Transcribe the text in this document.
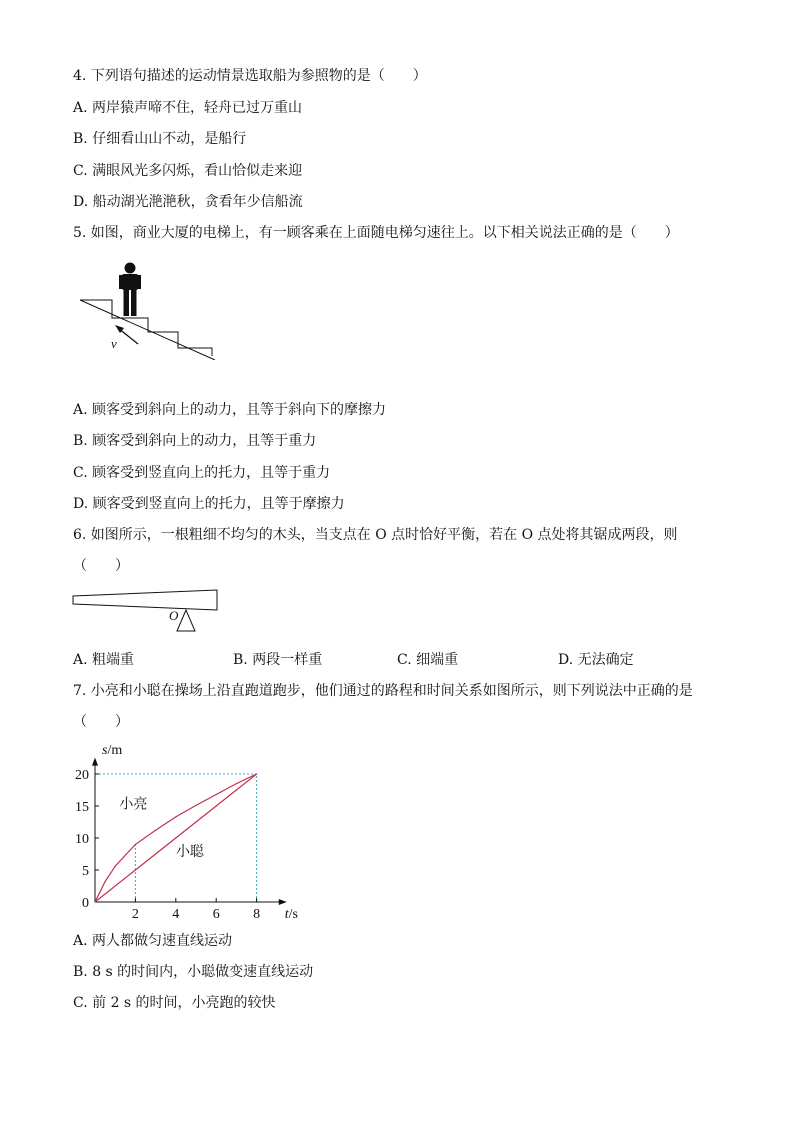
4. 下列语句描述的运动情景选取船为参照物的是（　　）
A. 两岸猿声啼不住，轻舟已过万重山
B. 仔细看山山不动，是船行
C. 满眼风光多闪烁，看山恰似走来迎
D. 船动湖光滟滟秋，贪看年少信船流
5. 如图，商业大厦的电梯上，有一顾客乘在上面随电梯匀速往上。以下相关说法正确的是（　　）
v
A. 顾客受到斜向上的动力，且等于斜向下的摩擦力
B. 顾客受到斜向上的动力，且等于重力
C. 顾客受到竖直向上的托力，且等于重力
D. 顾客受到竖直向上的托力，且等于摩擦力
6. 如图所示，一根粗细不均匀的木头，当支点在 O 点时恰好平衡，若在 O 点处将其锯成两段，则
（　　）
O
A. 粗端重	B. 两段一样重	C. 细端重	D. 无法确定
7. 小亮和小聪在操场上沿直跑道跑步，他们通过的路程和时间关系如图所示，则下列说法中正确的是
（　　）
0
5
10
15
20
2 4 6 8
s/m
t/s
小亮
小聪
A. 两人都做匀速直线运动
B. 8 s 的时间内，小聪做变速直线运动
C. 前 2 s 的时间，小亮跑的较快
